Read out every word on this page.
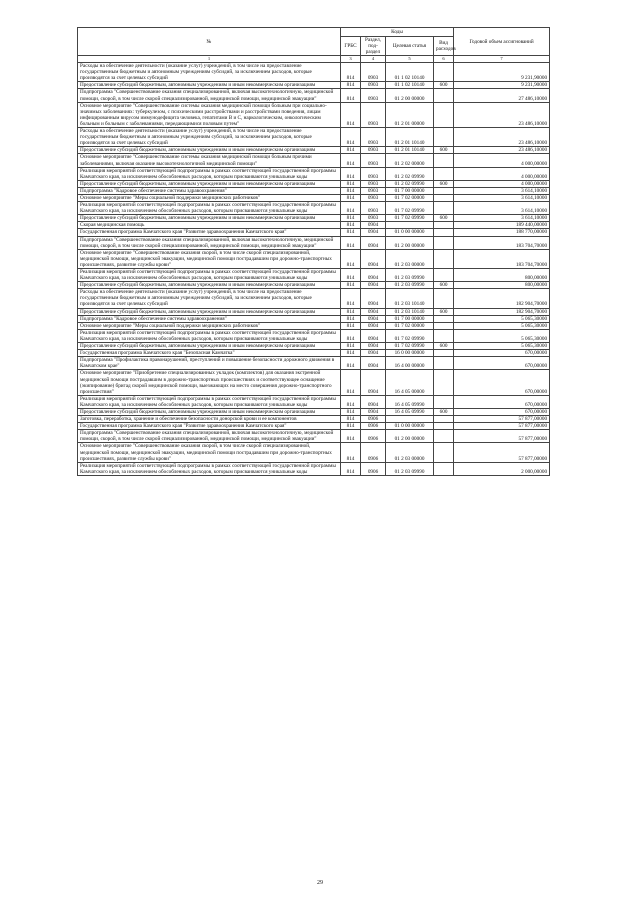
№	Коды				Годовой объем ассигнований
	ГРБС	Раздел, под-раздел	Целевая статья	Вид расходов	
1	3	4	5	6	7
Расходы на обеспечение деятельности (оказание услуг) учреждений, в том числе на предоставление государственным бюджетным и автономным учреждениям субсидий, за исключением расходов, которые производятся за счет целевых субсидий	814	0903	01 1 02 10140		9 231,90000
Предоставление субсидий бюджетным, автономным учреждениям и иным некоммерческим организациям	814	0903	01 1 02 10140	600	9 231,90000
Подпрограмма "Совершенствование оказания специализированной, включая высокотехнологичную, медицинской помощи, скорой, в том числе скорой специализированной, медицинской помощи, медицинской эвакуации"	814	0903	01 2 00 00000		27 486,10000
Основное мероприятие "Совершенствование системы оказания медицинской помощи больным при социально-значимых заболеваниях: туберкулезом, с психическими расстройствами и расстройствами поведения, лицам инфицированным вирусом иммунодефицита человека, гепатитами В и С, наркологическим, онкологическим больным и больным с заболеваниями, передающимися половым путем"	814	0903	01 2 01 00000		23 486,10000
Расходы на обеспечение деятельности (оказание услуг) учреждений, в том числе на предоставление государственным бюджетным и автономным учреждениям субсидий, за исключением расходов, которые производятся за счет целевых субсидий	814	0903	01 2 01 10140		23 486,10000
Предоставление субсидий бюджетным, автономным учреждениям и иным некоммерческим организациям	814	0903	01 2 01 10140	600	23 486,10000
Основное мероприятие "Совершенствование системы оказания медицинской помощи больным прочими заболеваниями, включая оказание высокотехнологичной медицинской помощи"	814	0903	01 2 02 00000		4 000,00000
Реализация мероприятий соответствующей подпрограммы в рамках соответствующей государственной программы Камчатского края, за исключением обособленных расходов, которым присваиваются уникальные коды	814	0903	01 2 02 09990		4 000,00000
Предоставление субсидий бюджетным, автономным учреждениям и иным некоммерческим организациям	814	0903	01 2 02 09990	600	4 000,00000
Подпрограмма "Кадровое обеспечение системы здравоохранения"	814	0903	01 7 00 00000		3 614,10000
Основное мероприятие "Меры социальной поддержки медицинских работников"	814	0903	01 7 02 00000		3 614,10000
Реализация мероприятий соответствующей подпрограммы в рамках соответствующей государственной программы Камчатского края, за исключением обособленных расходов, которым присваиваются уникальные коды	814	0903	01 7 02 09990		3 614,10000
Предоставление субсидий бюджетным, автономным учреждениям и иным некоммерческим организациям	814	0903	01 7 02 09990	600	3 614,10000
Скорая медицинская помощь	814	0904			189 440,00000
Государственная программа Камчатского края "Развитие здравоохранения Камчатского края"	814	0904	01 0 00 00000		188 770,00000
Подпрограмма "Совершенствование оказания специализированной, включая высокотехнологичную, медицинской помощи, скорой, в том числе скорой специализированной, медицинской помощи, медицинской эвакуации"	814	0904	01 2 00 00000		183 704,70000
Основное мероприятие "Совершенствование оказания скорой, в том числе скорой специализированной, медицинской помощи, медицинской эвакуации, медицинской помощи пострадавшим при дорожно-транспортных происшествиях, развитие службы крови"	814	0904	01 2 03 00000		183 704,70000
Реализация мероприятий соответствующей подпрограммы в рамках соответствующей государственной программы Камчатского края, за исключением обособленных расходов, которым присваиваются уникальные коды	814	0904	01 2 03 09990		800,00000
Предоставление субсидий бюджетным, автономным учреждениям и иным некоммерческим организациям	814	0904	01 2 03 09990	600	800,00000
Расходы на обеспечение деятельности (оказание услуг) учреждений, в том числе на предоставление государственным бюджетным и автономным учреждениям субсидий, за исключением расходов, которые производятся за счет целевых субсидий	814	0904	01 2 03 10140		182 904,70000
Предоставление субсидий бюджетным, автономным учреждениям и иным некоммерческим организациям	814	0904	01 2 03 10140	600	182 904,70000
Подпрограмма "Кадровое обеспечение системы здравоохранения"	814	0904	01 7 00 00000		5 065,30000
Основное мероприятие "Меры социальной поддержки медицинских работников"	814	0904	01 7 02 00000		5 065,30000
Реализация мероприятий соответствующей подпрограммы в рамках соответствующей государственной программы Камчатского края, за исключением обособленных расходов, которым присваиваются уникальные коды	814	0904	01 7 02 09990		5 065,30000
Предоставление субсидий бюджетным, автономным учреждениям и иным некоммерческим организациям	814	0904	01 7 02 09990	600	5 065,30000
Государственная программа Камчатского края "Безопасная Камчатка"	814	0904	16 0 00 00000		670,00000
Подпрограмма "Профилактика правонарушений, преступлений и повышение безопасности дорожного движения в Камчатском крае"	814	0904	16 4 00 00000		670,00000
Основное мероприятие "Приобретение специализированных укладок (комплектов) для оказания экстренной медицинской помощи пострадавшим в дорожно-транспортных происшествиях и соответствующее оснащение (экипирование) бригад скорой медицинской помощи, выезжающих на место совершения дорожно-транспортного происшествия"	814	0904	16 4 05 00000		670,00000
Реализация мероприятий соответствующей подпрограммы в рамках соответствующей государственной программы Камчатского края, за исключением обособленных расходов, которым присваиваются уникальные коды	814	0904	16 4 05 09990		670,00000
Предоставление субсидий бюджетным, автономным учреждениям и иным некоммерческим организациям	814	0904	16 4 05 09990	600	670,00000
Заготовка, переработка, хранение и обеспечение безопасности донорской крови и ее компонентов	814	0906			57 877,00000
Государственная программа Камчатского края "Развитие здравоохранения Камчатского края"	814	0906	01 0 00 00000		57 877,00000
Подпрограмма "Совершенствование оказания специализированной, включая высокотехнологичную, медицинской помощи, скорой, в том числе скорой специализированной, медицинской помощи, медицинской эвакуации"	814	0906	01 2 00 00000		57 877,00000
Основное мероприятие "Совершенствование оказания скорой, в том числе скорой специализированной, медицинской помощи, медицинской эвакуации, медицинской помощи пострадавшим при дорожно-транспортных происшествиях, развитие службы крови"	814	0906	01 2 03 00000		57 877,00000
Реализация мероприятий соответствующей подпрограммы в рамках соответствующей государственной программы Камчатского края, за исключением обособленных расходов, которым присваиваются уникальные коды	814	0906	01 2 03 09990		2 000,00000
29
